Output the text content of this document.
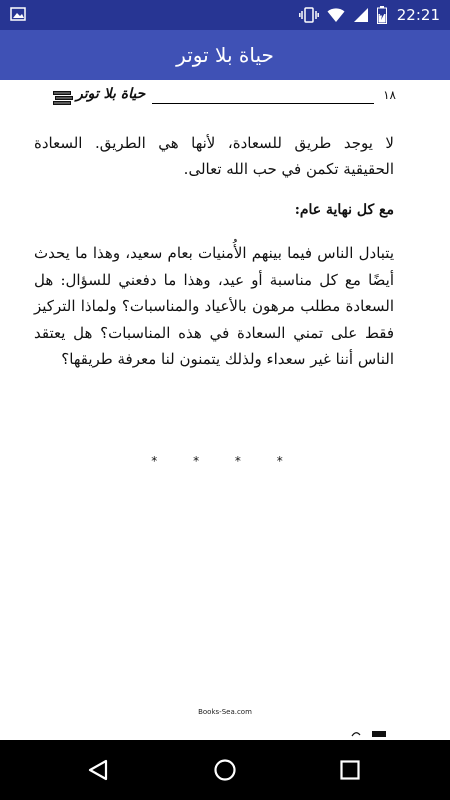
22:21
حياة بلا توتر
حياة بلا توتر	١٨
لا يوجد طريق للسعادة، لأنها هي الطريق. السعادة الحقيقية تكمن في حب الله تعالى.
مع كل نهاية عام:
يتبادل الناس فيما بينهم الأُمنيات بعام سعيد، وهذا ما يحدث أيضًا مع كل مناسبة أو عيد، وهذا ما دفعني للسؤال: هل السعادة مطلب مرهون بالأعياد والمناسبات؟ ولماذا التركيز فقط على تمني السعادة في هذه المناسبات؟ هل يعتقد الناس أننا غير سعداء ولذلك يتمنون لنا معرفة طريقها؟
* * * *
Books-Sea.com
